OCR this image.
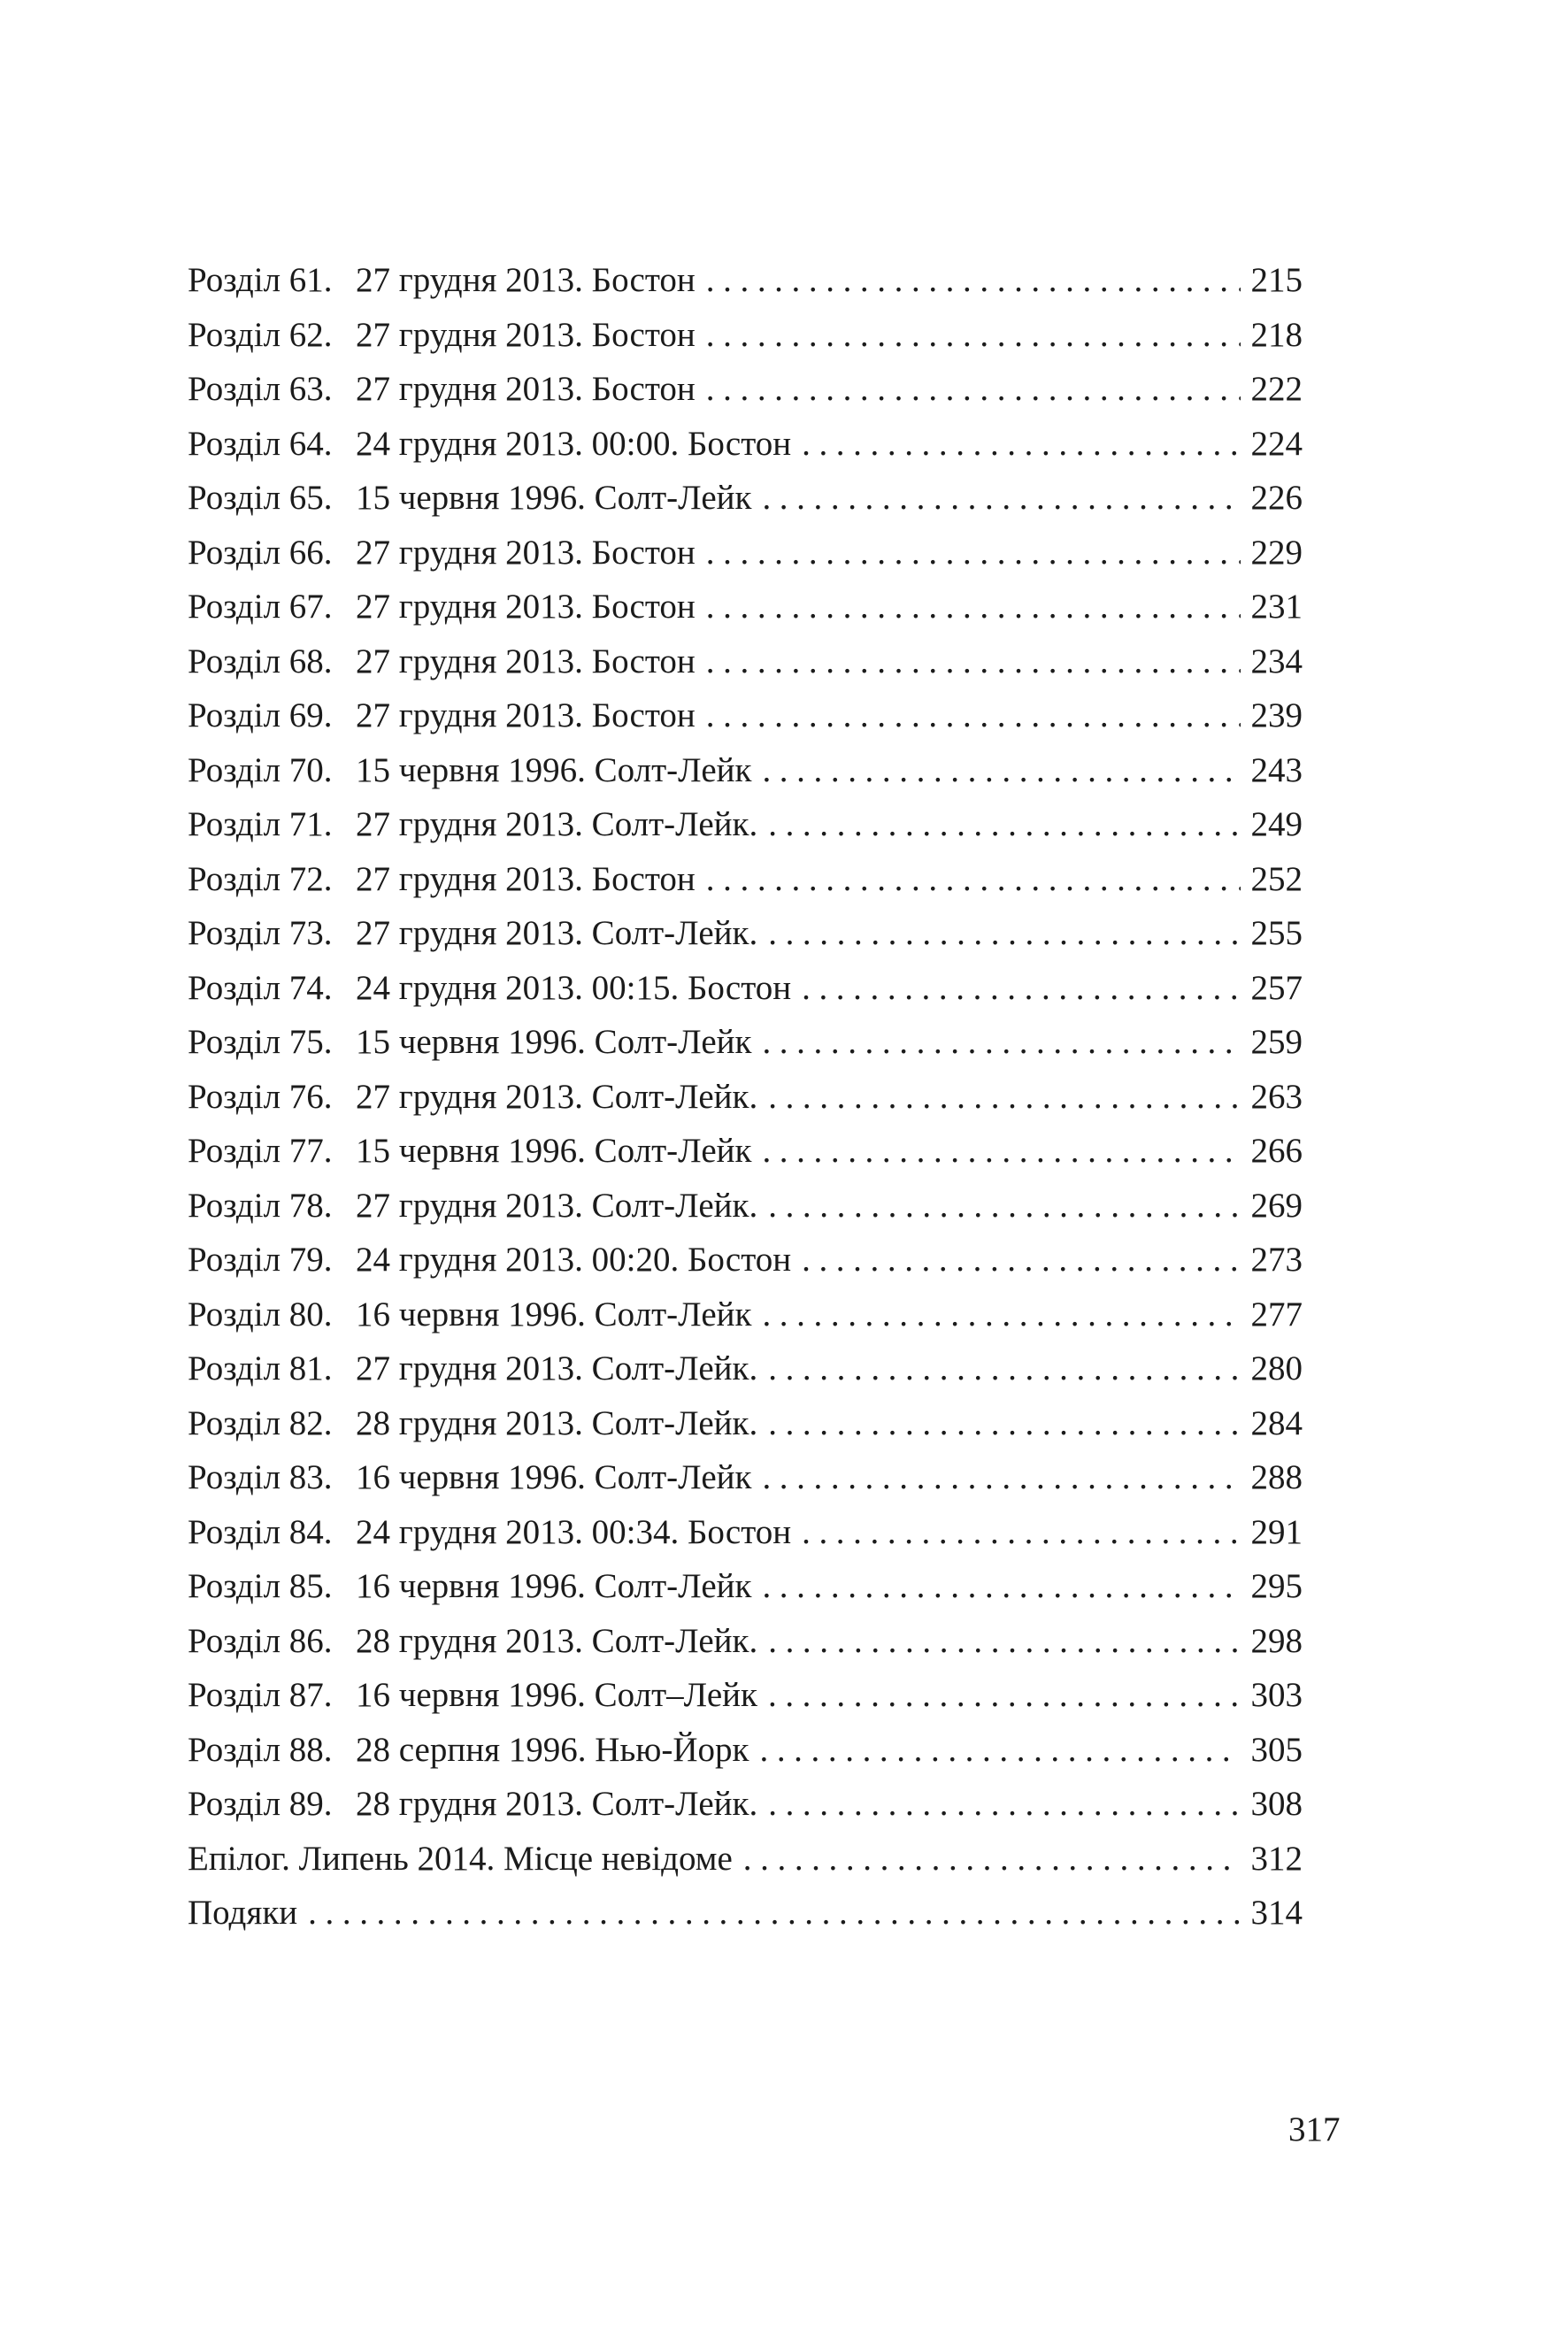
Розділ 61. 27 грудня 2013. Бостон .....	215
Розділ 62. 27 грудня 2013. Бостон .....	218
Розділ 63. 27 грудня 2013. Бостон .....	222
Розділ 64. 24 грудня 2013. 00:00. Бостон .....	224
Розділ 65. 15 червня 1996. Солт-Лейк .....	226
Розділ 66. 27 грудня 2013. Бостон .....	229
Розділ 67. 27 грудня 2013. Бостон .....	231
Розділ 68. 27 грудня 2013. Бостон .....	234
Розділ 69. 27 грудня 2013. Бостон .....	239
Розділ 70. 15 червня 1996. Солт-Лейк .....	243
Розділ 71. 27 грудня 2013. Солт-Лейк. .....	249
Розділ 72. 27 грудня 2013. Бостон .....	252
Розділ 73. 27 грудня 2013. Солт-Лейк. .....	255
Розділ 74. 24 грудня 2013. 00:15. Бостон .....	257
Розділ 75. 15 червня 1996. Солт-Лейк .....	259
Розділ 76. 27 грудня 2013. Солт-Лейк. .....	263
Розділ 77. 15 червня 1996. Солт-Лейк .....	266
Розділ 78. 27 грудня 2013. Солт-Лейк. .....	269
Розділ 79. 24 грудня 2013. 00:20. Бостон .....	273
Розділ 80. 16 червня 1996. Солт-Лейк .....	277
Розділ 81. 27 грудня 2013. Солт-Лейк. .....	280
Розділ 82. 28 грудня 2013. Солт-Лейк. .....	284
Розділ 83. 16 червня 1996. Солт-Лейк .....	288
Розділ 84. 24 грудня 2013. 00:34. Бостон .....	291
Розділ 85. 16 червня 1996. Солт-Лейк .....	295
Розділ 86. 28 грудня 2013. Солт-Лейк. .....	298
Розділ 87. 16 червня 1996. Солт–Лейк .....	303
Розділ 88. 28 серпня 1996. Нью-Йорк .....	305
Розділ 89. 28 грудня 2013. Солт-Лейк. .....	308
Епілог. Липень 2014. Місце невідоме .....	312
Подяки .....	314
317
